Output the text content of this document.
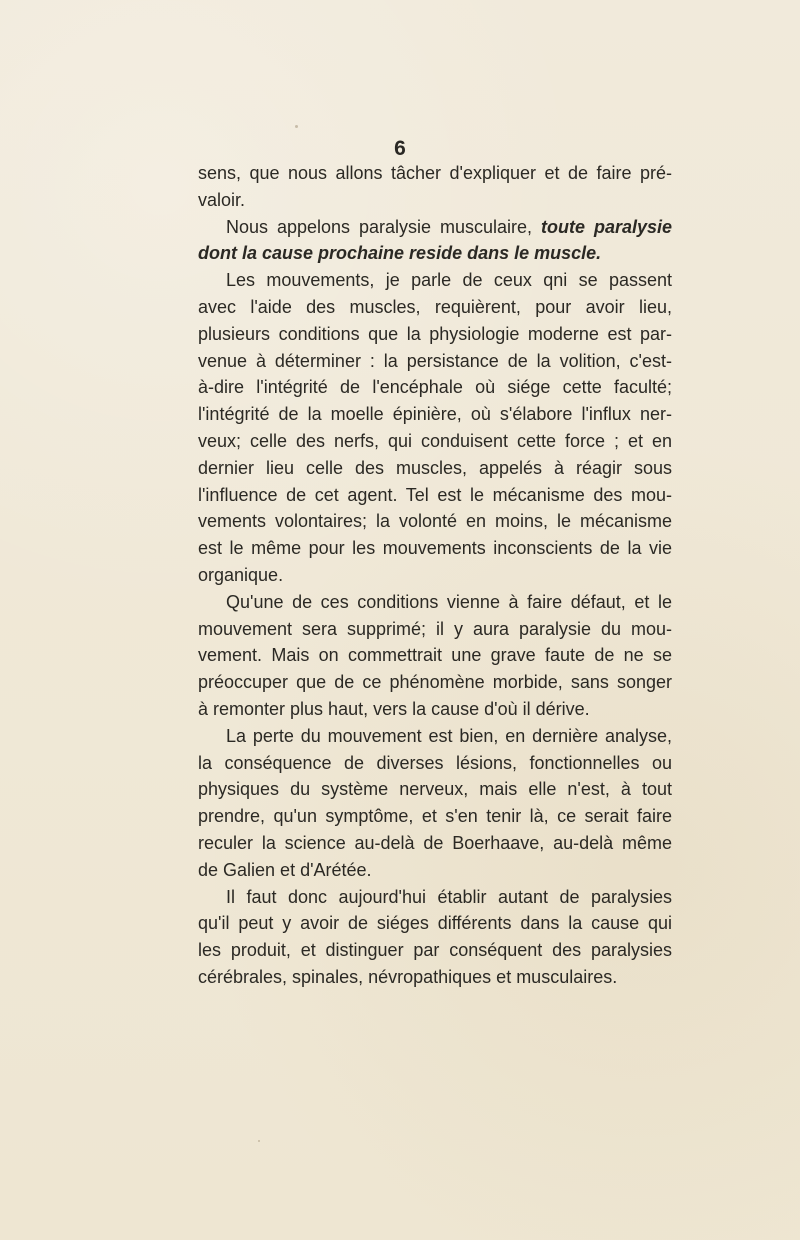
6
sens, que nous allons tâcher d'expliquer et de faire pré-
valoir.
Nous appelons paralysie musculaire, toute paralysie
dont la cause prochaine reside dans le muscle.
Les mouvements, je parle de ceux qni se passent
avec l'aide des muscles, requièrent, pour avoir lieu,
plusieurs conditions que la physiologie moderne est par-
venue à déterminer : la persistance de la volition, c'est-
à-dire l'intégrité de l'encéphale où siége cette faculté;
l'intégrité de la moelle épinière, où s'élabore l'influx ner-
veux; celle des nerfs, qui conduisent cette force ; et en
dernier lieu celle des muscles, appelés à réagir sous
l'influence de cet agent. Tel est le mécanisme des mou-
vements volontaires; la volonté en moins, le mécanisme
est le même pour les mouvements inconscients de la vie
organique.
Qu'une de ces conditions vienne à faire défaut, et le
mouvement sera supprimé; il y aura paralysie du mou-
vement. Mais on commettrait une grave faute de ne se
préoccuper que de ce phénomène morbide, sans songer
à remonter plus haut, vers la cause d'où il dérive.
La perte du mouvement est bien, en dernière analyse,
la conséquence de diverses lésions, fonctionnelles ou
physiques du système nerveux, mais elle n'est, à tout
prendre, qu'un symptôme, et s'en tenir là, ce serait faire
reculer la science au-delà de Boerhaave, au-delà même
de Galien et d'Arétée.
Il faut donc aujourd'hui établir autant de paralysies
qu'il peut y avoir de siéges différents dans la cause qui
les produit, et distinguer par conséquent des paralysies
cérébrales, spinales, névropathiques et musculaires.
